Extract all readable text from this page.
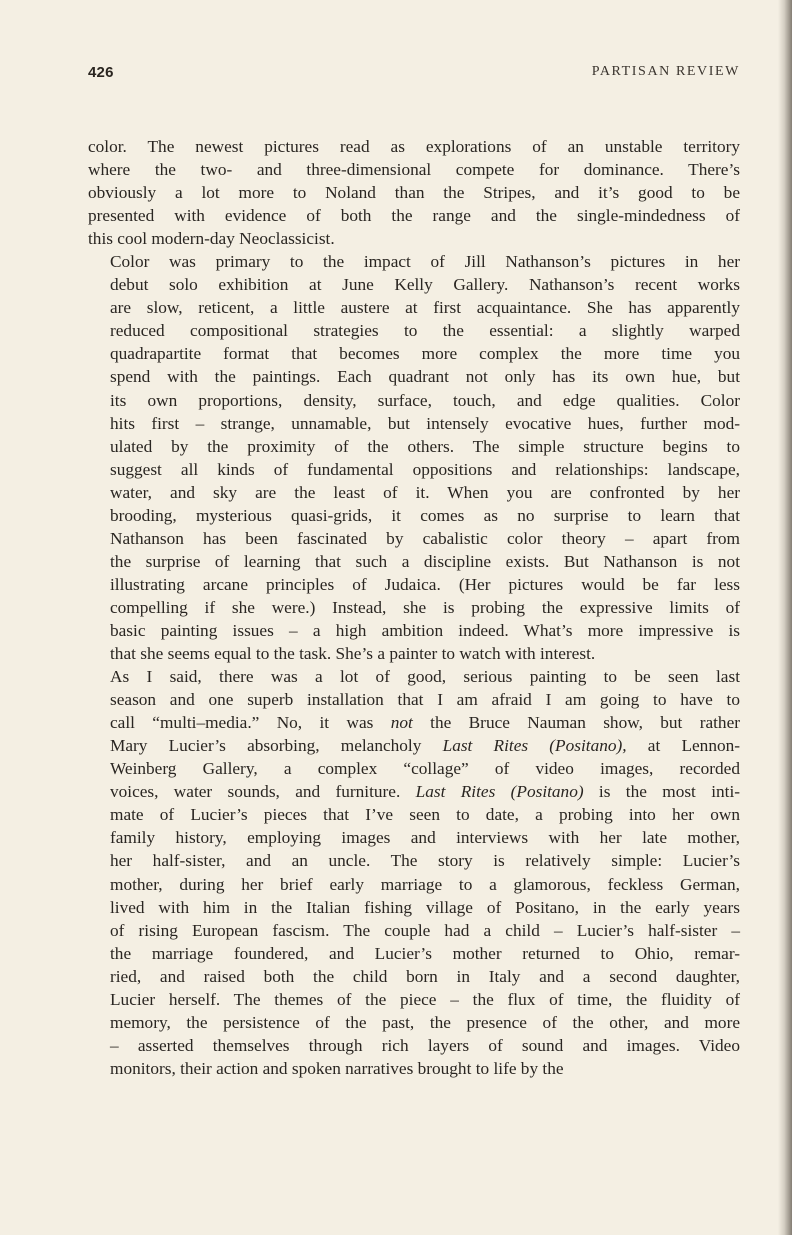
426	PARTISAN REVIEW
color. The newest pictures read as explorations of an unstable territory
where the two- and three-dimensional compete for dominance. There’s
obviously a lot more to Noland than the Stripes, and it’s good to be
presented with evidence of both the range and the single-mindedness of
this cool modern-day Neoclassicist.
Color was primary to the impact of Jill Nathanson’s pictures in her
debut solo exhibition at June Kelly Gallery. Nathanson’s recent works
are slow, reticent, a little austere at first acquaintance. She has apparently
reduced compositional strategies to the essential: a slightly warped
quadrapartite format that becomes more complex the more time you
spend with the paintings. Each quadrant not only has its own hue, but
its own proportions, density, surface, touch, and edge qualities. Color
hits first – strange, unnamable, but intensely evocative hues, further mod-
ulated by the proximity of the others. The simple structure begins to
suggest all kinds of fundamental oppositions and relationships: landscape,
water, and sky are the least of it. When you are confronted by her
brooding, mysterious quasi-grids, it comes as no surprise to learn that
Nathanson has been fascinated by cabalistic color theory – apart from
the surprise of learning that such a discipline exists. But Nathanson is not
illustrating arcane principles of Judaica. (Her pictures would be far less
compelling if she were.) Instead, she is probing the expressive limits of
basic painting issues – a high ambition indeed. What’s more impressive is
that she seems equal to the task. She’s a painter to watch with interest.
As I said, there was a lot of good, serious painting to be seen last
season and one superb installation that I am afraid I am going to have to
call “multi–media.” No, it was not the Bruce Nauman show, but rather
Mary Lucier’s absorbing, melancholy Last Rites (Positano), at Lennon-
Weinberg Gallery, a complex “collage” of video images, recorded
voices, water sounds, and furniture. Last Rites (Positano) is the most inti-
mate of Lucier’s pieces that I’ve seen to date, a probing into her own
family history, employing images and interviews with her late mother,
her half-sister, and an uncle. The story is relatively simple: Lucier’s
mother, during her brief early marriage to a glamorous, feckless German,
lived with him in the Italian fishing village of Positano, in the early years
of rising European fascism. The couple had a child – Lucier’s half-sister –
the marriage foundered, and Lucier’s mother returned to Ohio, remar-
ried, and raised both the child born in Italy and a second daughter,
Lucier herself. The themes of the piece – the flux of time, the fluidity of
memory, the persistence of the past, the presence of the other, and more
– asserted themselves through rich layers of sound and images. Video
monitors, their action and spoken narratives brought to life by the
